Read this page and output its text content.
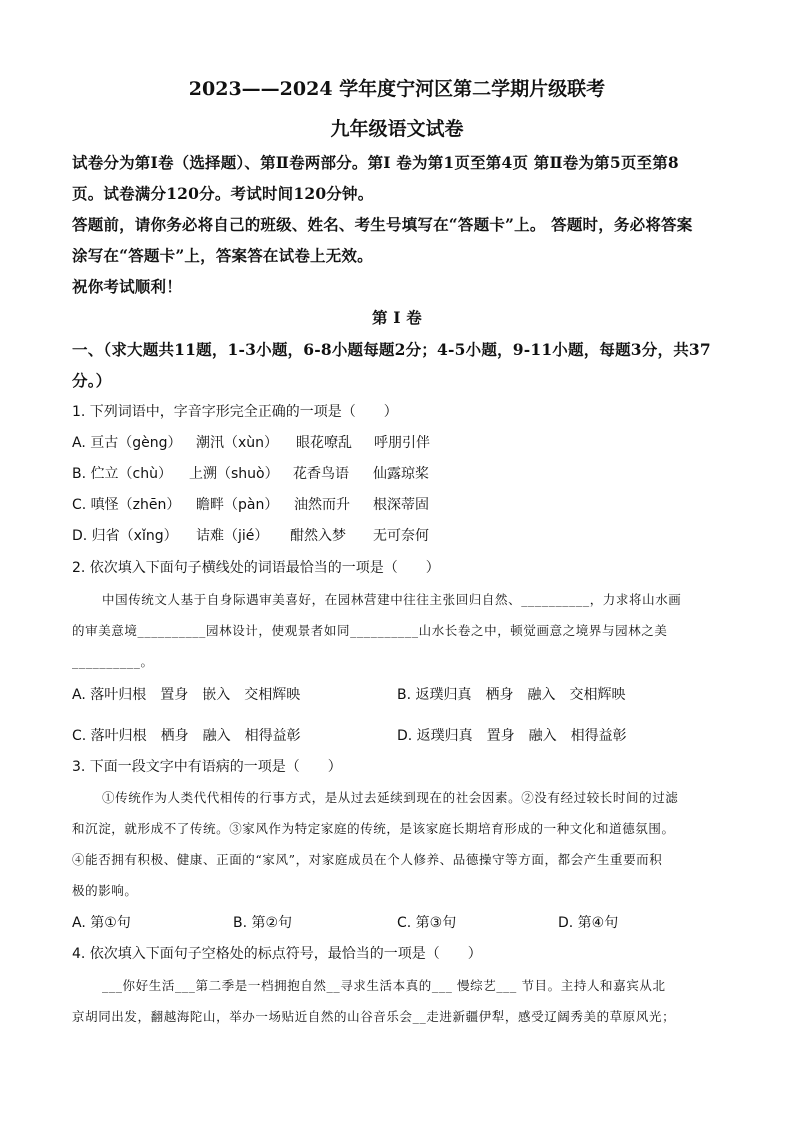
2023——2024 学年度宁河区第二学期片级联考
九年级语文试卷
试卷分为第Ⅰ卷（选择题）、第Ⅱ卷两部分。第Ⅰ 卷为第1页至第4页 第Ⅱ卷为第5页至第8
页。试卷满分120分。考试时间120分钟。
答题前，请你务必将自己的班级、姓名、考生号填写在“答题卡”上。 答题时，务必将答案
涂写在“答题卡”上，答案答在试卷上无效。
祝你考试顺利！
第 Ⅰ 卷
一、（求大题共11题，1-3小题，6-8小题每题2分；4-5小题，9-11小题，每题3分，共37
分。）
1. 下列词语中，字音字形完全正确的一项是（　　）
A. 亘古（gèng） 潮汛（xùn） 眼花嘹乱 呼朋引伴
B. 伫立（chù） 上溯（shuò） 花香鸟语 仙露琼桨
C. 嗔怪（zhēn） 瞻畔（pàn） 油然而升 根深蒂固
D. 归省（xǐng） 诘难（jié） 酣然入梦 无可奈何
2. 依次填入下面句子横线处的词语最恰当的一项是（　　）
中国传统文人基于自身际遇审美喜好，在园林营建中往往主张回归自然、__________，力求将山水画
的审美意境__________园林设计，使观景者如同__________山水长卷之中，顿觉画意之境界与园林之美
__________。
A. 落叶归根　置身　嵌入　交相辉映	B. 返璞归真　栖身　融入　交相辉映
C. 落叶归根　栖身　融入　相得益彰	D. 返璞归真　置身　融入　相得益彰
3. 下面一段文字中有语病的一项是（　　）
①传统作为人类代代相传的行事方式，是从过去延续到现在的社会因素。②没有经过较长时间的过滤
和沉淀，就形成不了传统。③家风作为特定家庭的传统，是该家庭长期培育形成的一种文化和道德氛围。
④能否拥有积极、健康、正面的“家风”，对家庭成员在个人修养、品德操守等方面，都会产生重要而积
极的影响。
A. 第①句	B. 第②句	C. 第③句	D. 第④句
4. 依次填入下面句子空格处的标点符号，最恰当的一项是（　　）
___你好生活___第二季是一档拥抱自然__寻求生活本真的___ 慢综艺___ 节目。主持人和嘉宾从北
京胡同出发，翻越海陀山，举办一场贴近自然的山谷音乐会__走进新疆伊犁，感受辽阔秀美的草原风光；
